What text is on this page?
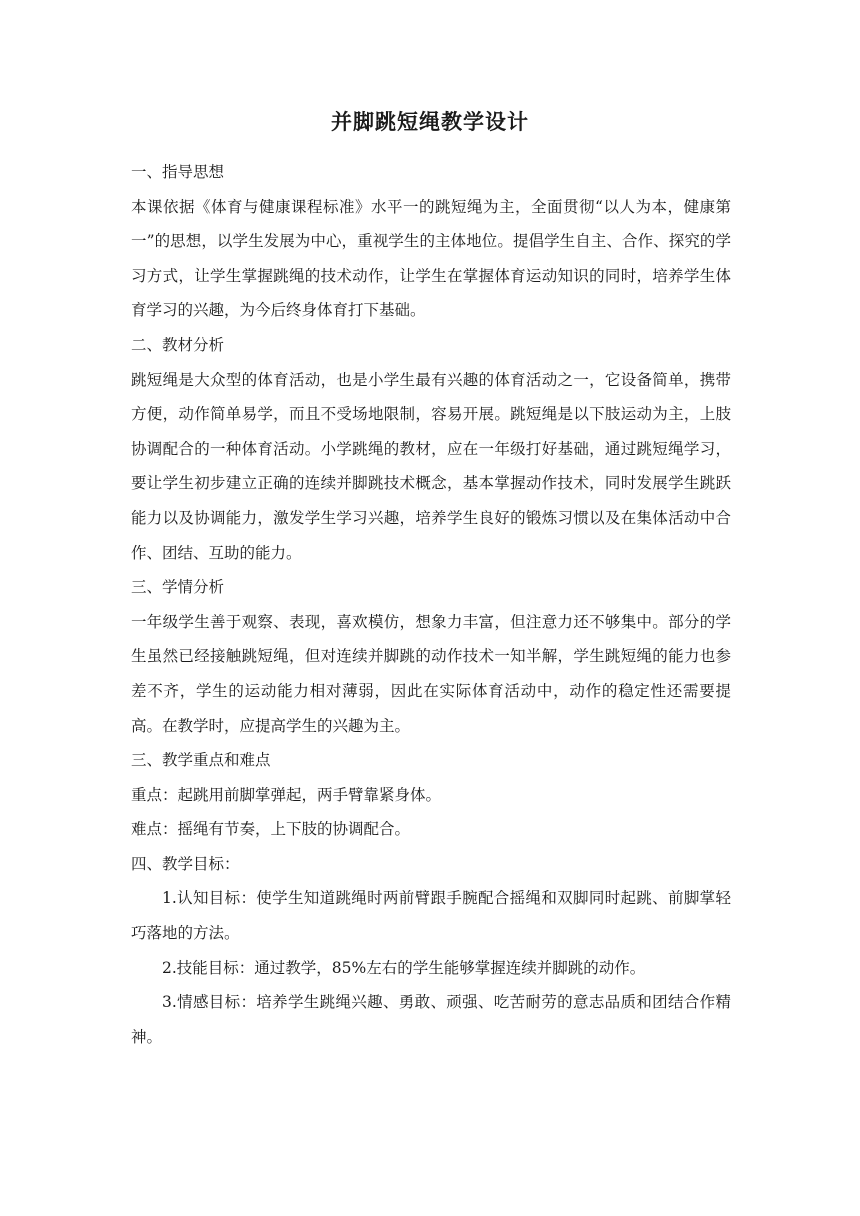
并脚跳短绳教学设计

一、指导思想

本课依据《体育与健康课程标准》水平一的跳短绳为主，全面贯彻“以人为本，健康第一”的思想，以学生发展为中心，重视学生的主体地位。提倡学生自主、合作、探究的学习方式，让学生掌握跳绳的技术动作，让学生在掌握体育运动知识的同时，培养学生体育学习的兴趣，为今后终身体育打下基础。

二、教材分析

跳短绳是大众型的体育活动，也是小学生最有兴趣的体育活动之一，它设备简单，携带方便，动作简单易学，而且不受场地限制，容易开展。跳短绳是以下肢运动为主，上肢协调配合的一种体育活动。小学跳绳的教材，应在一年级打好基础，通过跳短绳学习，要让学生初步建立正确的连续并脚跳技术概念，基本掌握动作技术，同时发展学生跳跃能力以及协调能力，激发学生学习兴趣，培养学生良好的锻炼习惯以及在集体活动中合作、团结、互助的能力。

三、学情分析

一年级学生善于观察、表现，喜欢模仿，想象力丰富，但注意力还不够集中。部分的学生虽然已经接触跳短绳，但对连续并脚跳的动作技术一知半解，学生跳短绳的能力也参差不齐，学生的运动能力相对薄弱，因此在实际体育活动中，动作的稳定性还需要提高。在教学时，应提高学生的兴趣为主。

三、教学重点和难点

重点：起跳用前脚掌弹起，两手臂靠紧身体。

难点：摇绳有节奏，上下肢的协调配合。

四、教学目标：

1.认知目标：使学生知道跳绳时两前臂跟手腕配合摇绳和双脚同时起跳、前脚掌轻巧落地的方法。

2.技能目标：通过教学，85%左右的学生能够掌握连续并脚跳的动作。

3.情感目标：培养学生跳绳兴趣、勇敢、顽强、吃苦耐劳的意志品质和团结合作精神。
